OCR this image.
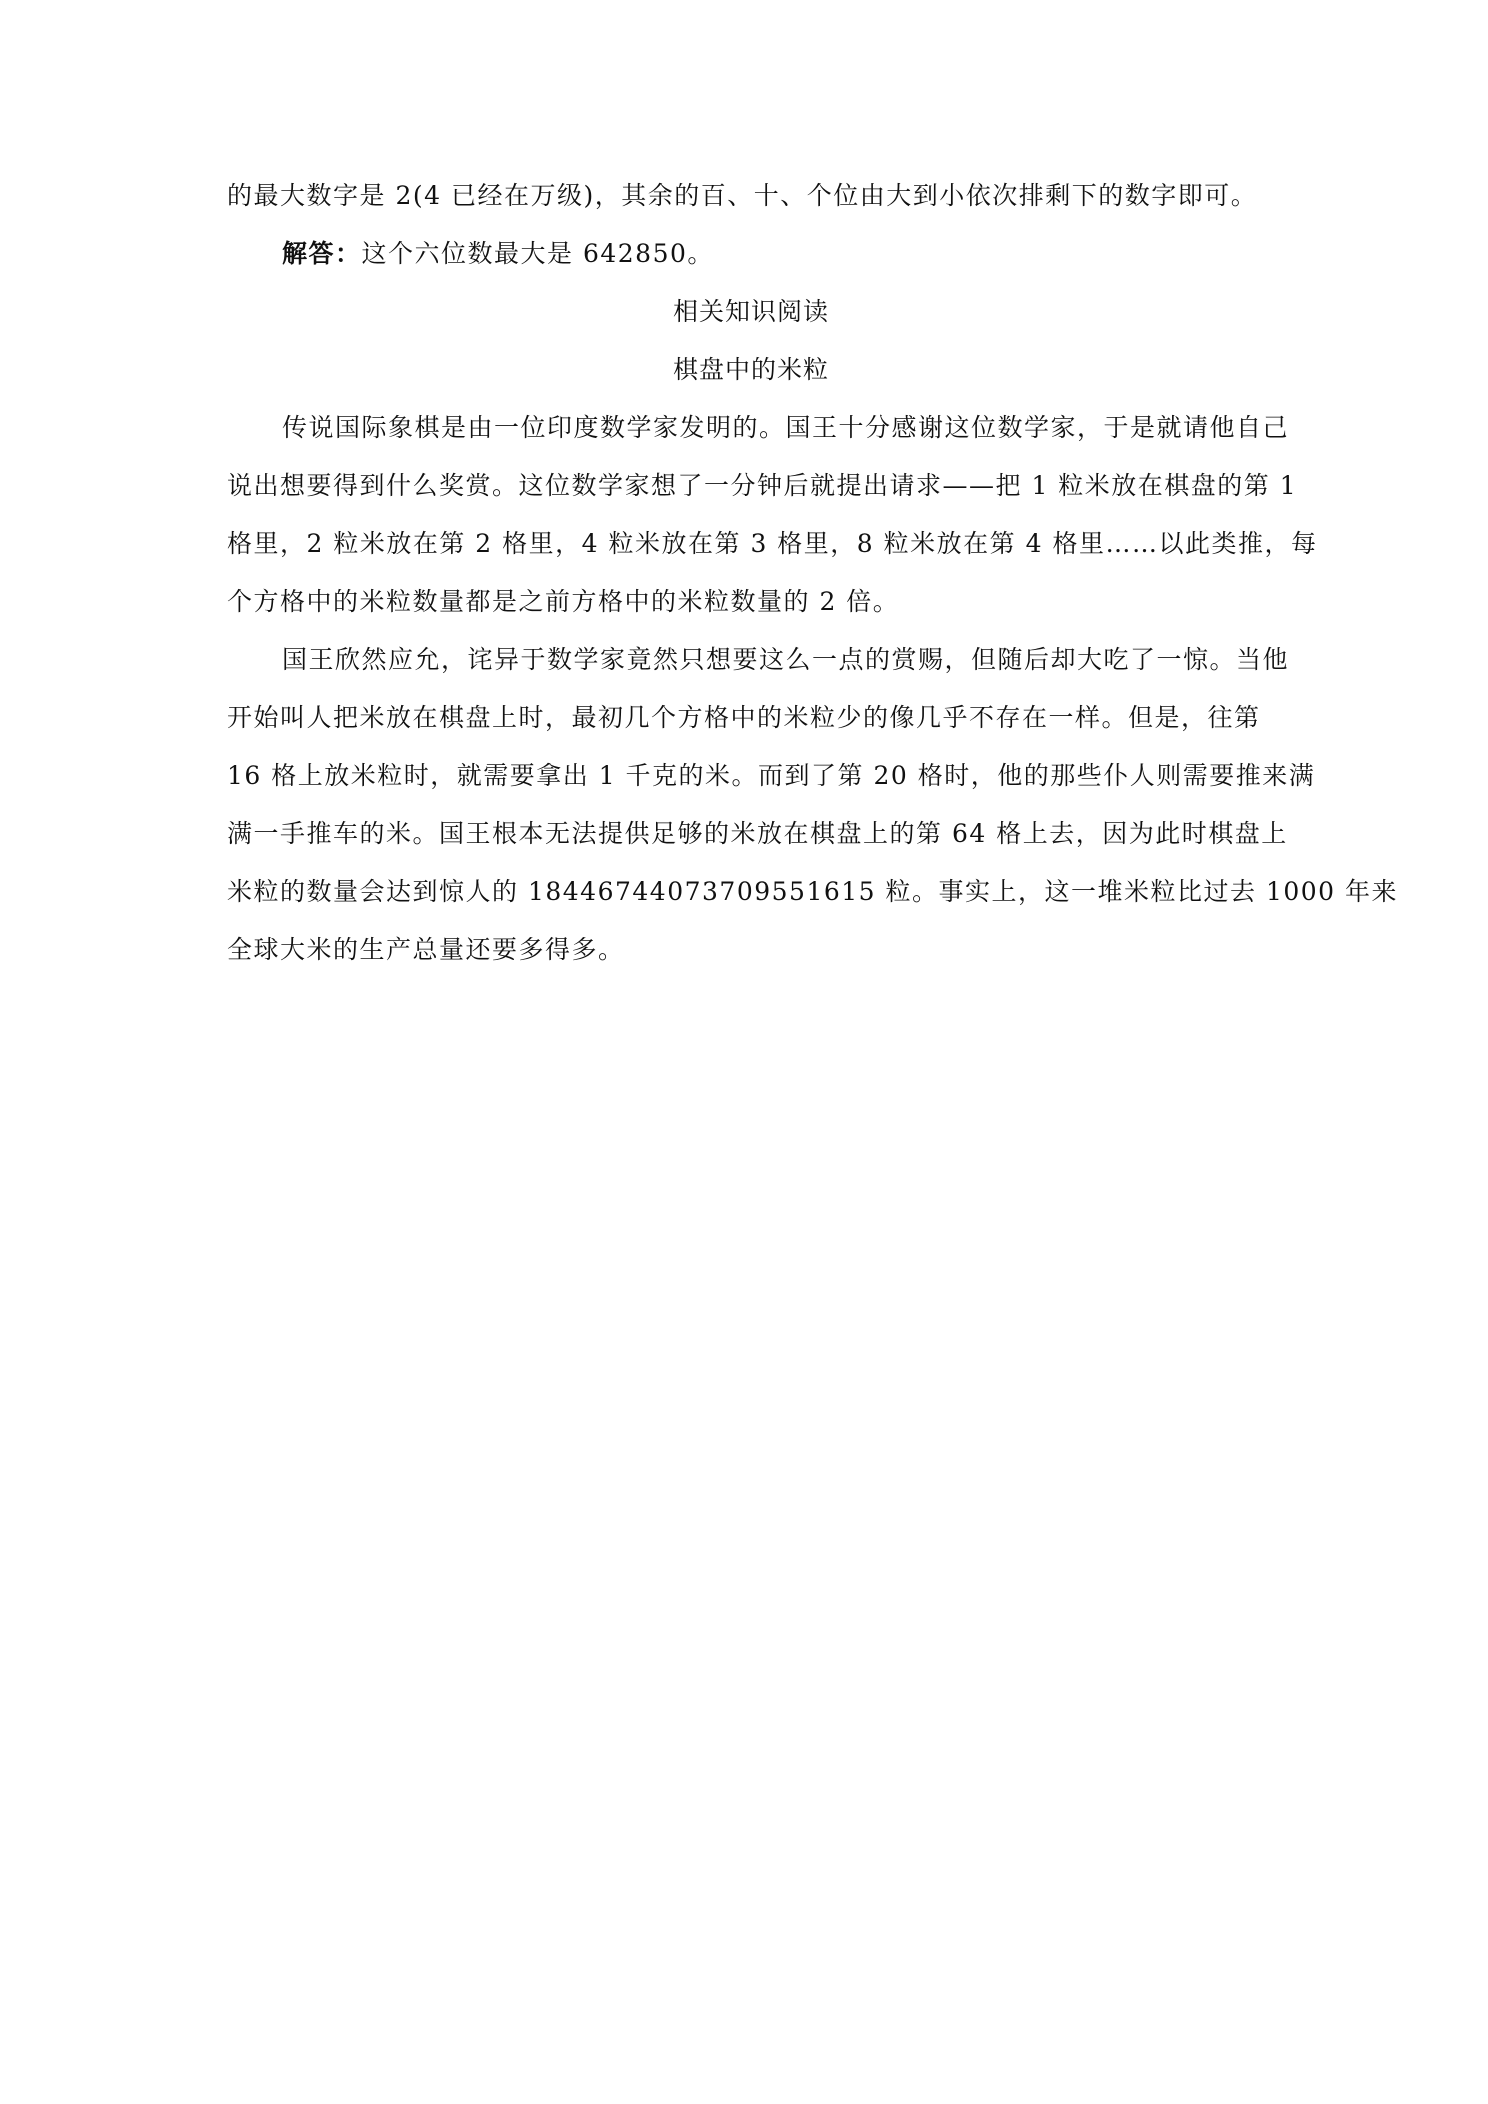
的最大数字是 2(4 已经在万级)，其余的百、十、个位由大到小依次排剩下的数字即可。
解答：这个六位数最大是 642850。
相关知识阅读
棋盘中的米粒
传说国际象棋是由一位印度数学家发明的。国王十分感谢这位数学家，于是就请他自己
说出想要得到什么奖赏。这位数学家想了一分钟后就提出请求——把 1 粒米放在棋盘的第 1
格里，2 粒米放在第 2 格里，4 粒米放在第 3 格里，8 粒米放在第 4 格里……以此类推，每
个方格中的米粒数量都是之前方格中的米粒数量的 2 倍。
国王欣然应允，诧异于数学家竟然只想要这么一点的赏赐，但随后却大吃了一惊。当他
开始叫人把米放在棋盘上时，最初几个方格中的米粒少的像几乎不存在一样。但是，往第
16 格上放米粒时，就需要拿出 1 千克的米。而到了第 20 格时，他的那些仆人则需要推来满
满一手推车的米。国王根本无法提供足够的米放在棋盘上的第 64 格上去，因为此时棋盘上
米粒的数量会达到惊人的 18446744073709551615 粒。事实上，这一堆米粒比过去 1000 年来
全球大米的生产总量还要多得多。
